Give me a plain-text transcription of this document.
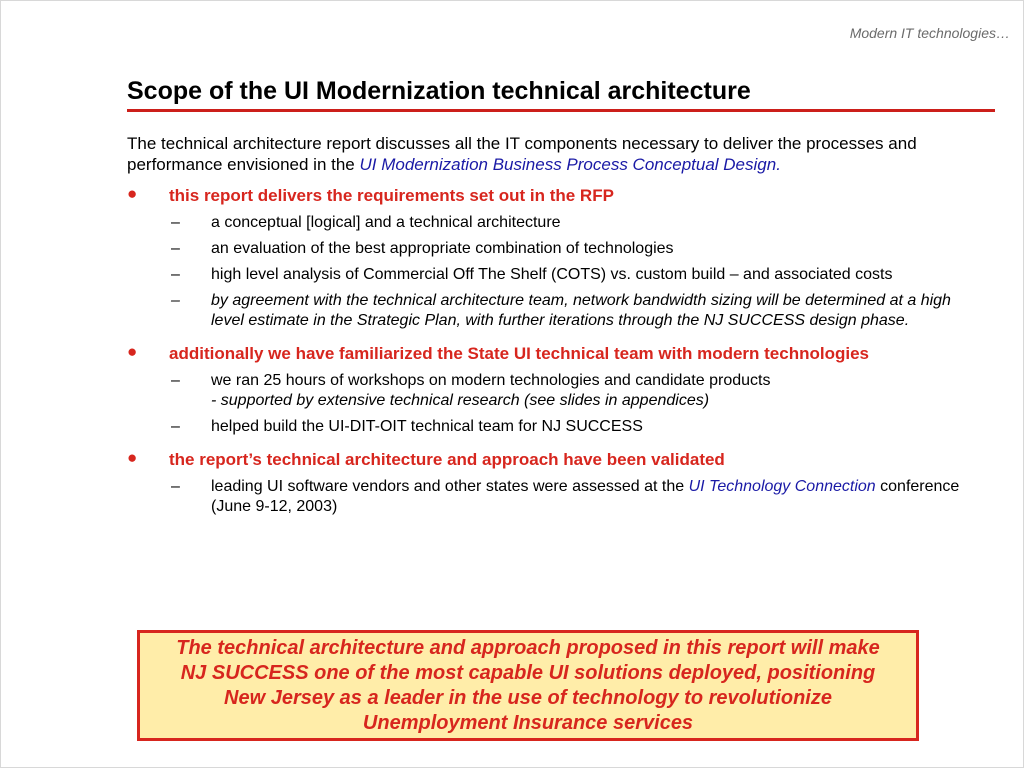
Modern IT technologies…
Scope of the UI Modernization technical architecture

The technical architecture report discusses all the IT components necessary to deliver the processes and performance envisioned in the UI Modernization Business Process Conceptual Design.

● this report delivers the requirements set out in the RFP
– a conceptual [logical] and a technical architecture
– an evaluation of the best appropriate combination of technologies
– high level analysis of Commercial Off The Shelf (COTS) vs. custom build – and associated costs
– by agreement with the technical architecture team, network bandwidth sizing will be determined at a high level estimate in the Strategic Plan, with further iterations through the NJ SUCCESS design phase.
● additionally we have familiarized the State UI technical team with modern technologies
– we ran 25 hours of workshops on modern technologies and candidate products
- supported by extensive technical research (see slides in appendices)
– helped build the UI-DIT-OIT technical team for NJ SUCCESS
● the report’s technical architecture and approach have been validated
– leading UI software vendors and other states were assessed at the UI Technology Connection conference (June 9-12, 2003)
The technical architecture and approach proposed in this report will make NJ SUCCESS one of the most capable UI solutions deployed, positioning New Jersey as a leader in the use of technology to revolutionize Unemployment Insurance services
